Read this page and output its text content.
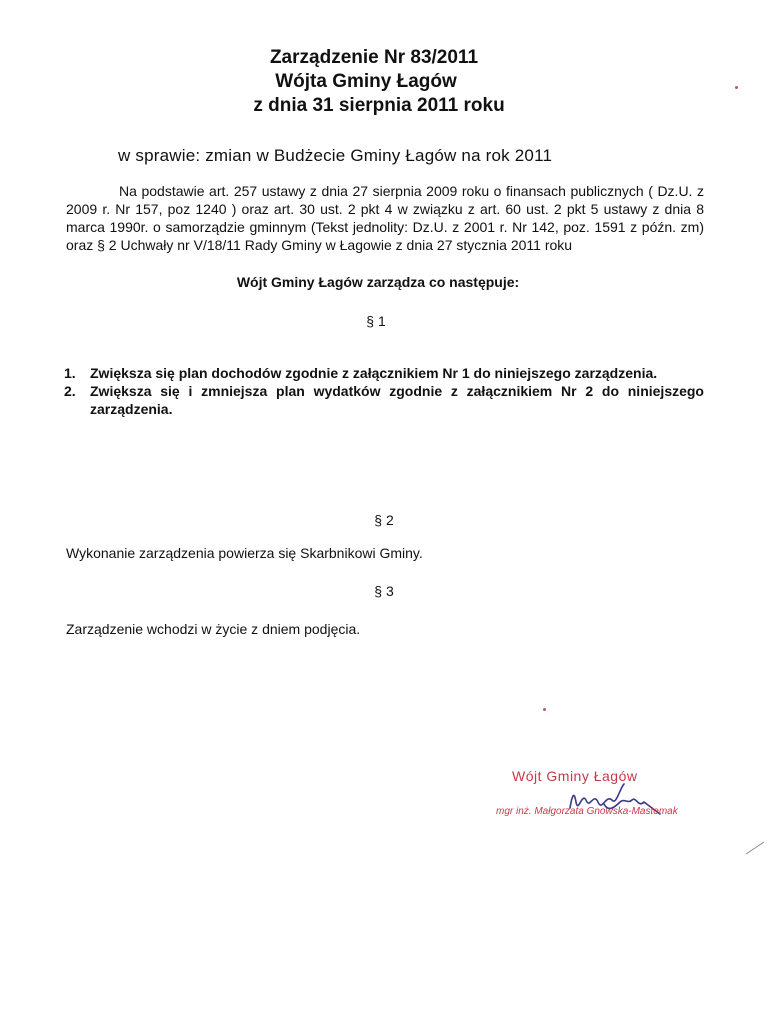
Zarządzenie Nr 83/2011
Wójta Gminy Łagów
z dnia 31 sierpnia 2011 roku
w sprawie: zmian w Budżecie Gminy Łagów na rok 2011
Na podstawie art. 257 ustawy z dnia 27 sierpnia 2009 roku o finansach publicznych ( Dz.U. z 2009 r. Nr 157, poz 1240 ) oraz art. 30 ust. 2 pkt 4 w związku z art. 60 ust. 2 pkt 5 ustawy z dnia 8 marca 1990r. o samorządzie gminnym (Tekst jednolity: Dz.U. z 2001 r. Nr 142, poz. 1591 z późn. zm) oraz § 2 Uchwały nr V/18/11 Rady Gminy w Łagowie z dnia 27 stycznia 2011 roku
Wójt Gminy Łagów zarządza co następuje:
§ 1
1. Zwiększa się plan dochodów zgodnie z załącznikiem Nr 1 do niniejszego zarządzenia.
2. Zwiększa się i zmniejsza plan wydatków zgodnie z załącznikiem Nr 2 do niniejszego zarządzenia.
§ 2
Wykonanie zarządzenia powierza się Skarbnikowi Gminy.
§ 3
Zarządzenie wchodzi w życie z dniem podjęcia.
Wójt Gminy Łagów
mgr inż. Małgorzata Gnowska-Mastemak
